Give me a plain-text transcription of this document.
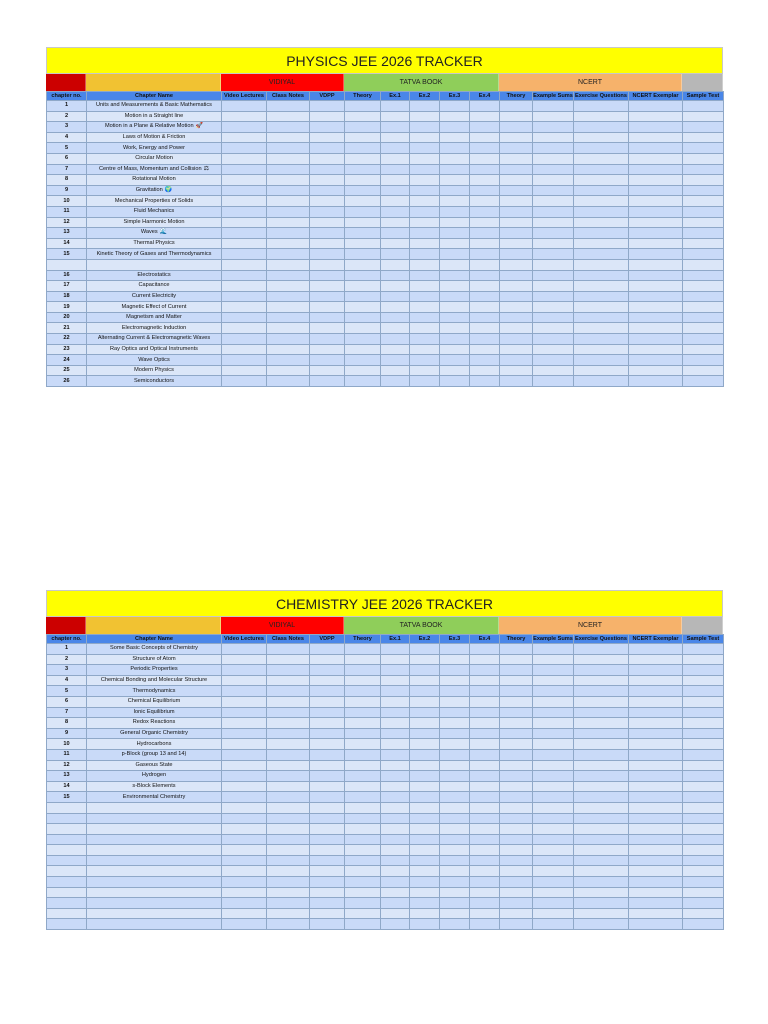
PHYSICS JEE 2026 TRACKER
VIDIYAL	TATVA BOOK	NCERT
chapter no.	Chapter Name	Video Lectures	Class Notes	VDPP	Theory	Ex.1	Ex.2	Ex.3	Ex.4	Theory	Example Sums	Exercise Questions	NCERT Exemplar	Sample Test
1	Units and Measurements & Basic Mathematics													
2	Motion in a Straight line													
3	Motion in a Plane & Relative Motion 🚀													
4	Laws of Motion & Friction													
5	Work, Energy and Power													
6	Circular Motion													
7	Centre of Mass, Momentum and Collision ⚖													
8	Rotational Motion													
9	Gravitation 🌍													
10	Mechanical Properties of Solids													
11	Fluid Mechanics													
12	Simple Harmonic Motion													
13	Waves 🌊													
14	Thermal Physics													
15	Kinetic Theory of Gases and Thermodynamics													

16	Electrostatics													
17	Capacitance													
18	Current Electricity													
19	Magnetic Effect of Current													
20	Magnetism and Matter													
21	Electromagnetic Induction													
22	Alternating Current & Electromagnetic Waves													
23	Ray Optics and Optical Instruments													
24	Wave Optics													
25	Modern Physics													
26	Semiconductors													
CHEMISTRY JEE 2026 TRACKER
VIDIYAL	TATVA BOOK	NCERT
chapter no.	Chapter Name	Video Lectures	Class Notes	VDPP	Theory	Ex.1	Ex.2	Ex.3	Ex.4	Theory	Example Sums	Exercise Questions	NCERT Exemplar	Sample Test
1	Some Basic Concepts of Chemistry													
2	Structure of Atom													
3	Periodic Properties													
4	Chemical Bonding and Molecular Structure													
5	Thermodynamics													
6	Chemical Equilibrium													
7	Ionic Equilibrium													
8	Redox Reactions													
9	General Organic Chemistry													
10	Hydrocarbons													
11	p-Block (group 13 and 14)													
12	Gaseous State													
13	Hydrogen													
14	s-Block Elements													
15	Environmental Chemistry													
